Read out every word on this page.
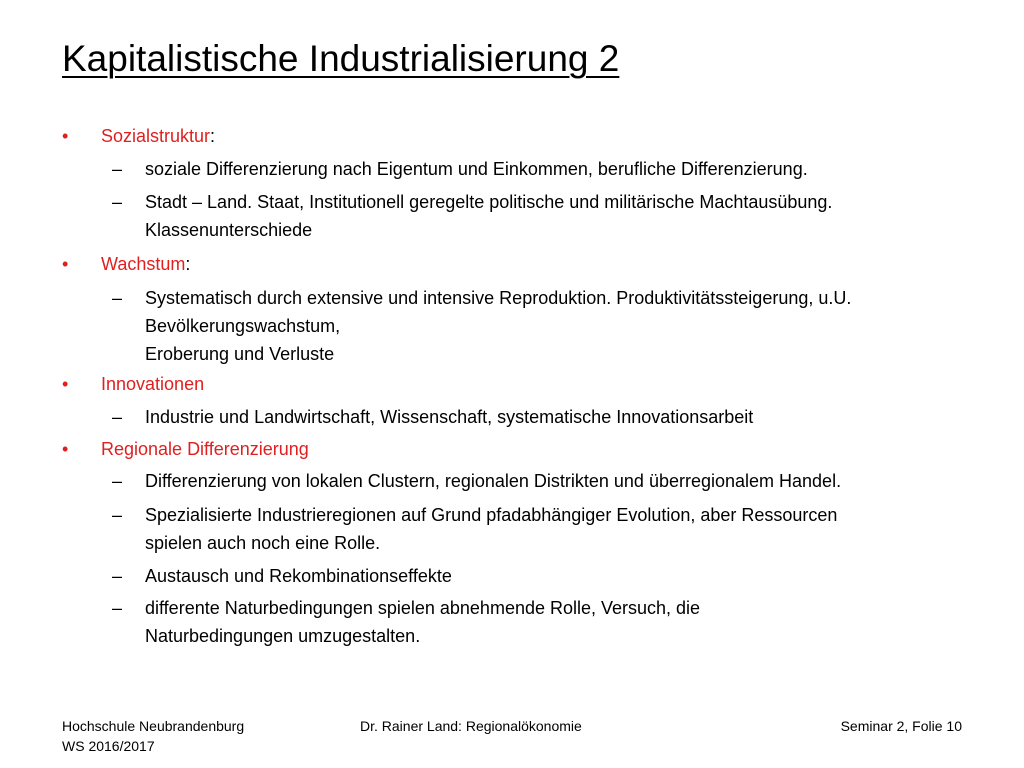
Kapitalistische Industrialisierung 2
•	Sozialstruktur:
–	soziale Differenzierung nach Eigentum und Einkommen, berufliche Differenzierung.
–	Stadt – Land. Staat, Institutionell geregelte politische und militärische Machtausübung.
Klassenunterschiede
•	Wachstum:
–	Systematisch durch extensive und intensive Reproduktion. Produktivitätssteigerung, u.U.
Bevölkerungswachstum,
Eroberung und Verluste
•	Innovationen
–	Industrie und Landwirtschaft, Wissenschaft, systematische Innovationsarbeit
•	Regionale Differenzierung
–	Differenzierung von lokalen Clustern, regionalen Distrikten und überregionalem Handel.
–	Spezialisierte Industrieregionen auf Grund pfadabhängiger Evolution, aber Ressourcen
spielen auch noch eine Rolle.
–	Austausch und Rekombinationseffekte
–	differente Naturbedingungen spielen abnehmende Rolle, Versuch, die
Naturbedingungen umzugestalten.
Hochschule Neubrandenburg
WS 2016/2017
Dr. Rainer Land: Regionalökonomie	Seminar 2, Folie 10
